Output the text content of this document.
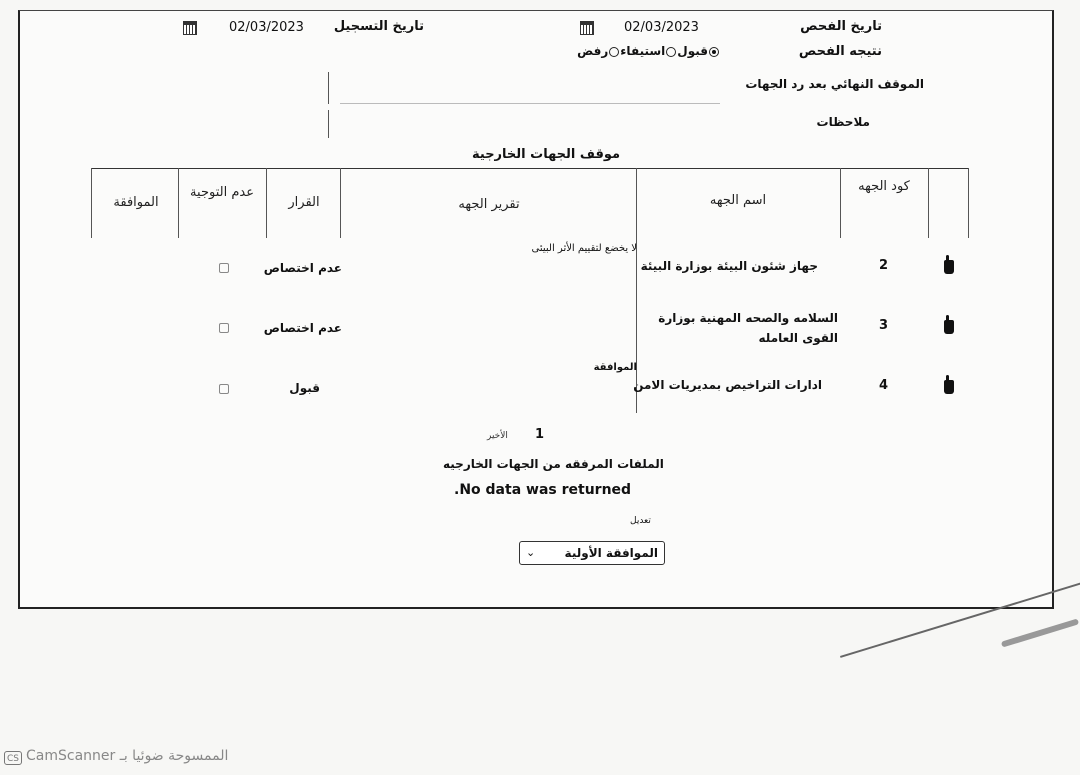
تاريخ الفحص
02/03/2023
تاريخ التسجيل
02/03/2023
نتيجه الفحص
قبولاستيفاءرفض
الموقف النهائي بعد رد الجهات
ملاحظات
موقف الجهات الخارجية
كود الجهه
اسم الجهه
تقرير الجهه
القرار
عدم التوجية
الموافقة
2
جهاز شئون البيئة بوزارة البيئة
لا يخضع لتقييم الأثر البيئى
عدم اختصاص
3
السلامه والصحه المهنية بوزارة القوى العامله
عدم اختصاص
4
ادارات التراخيص بمديريات الامن
الموافقة
قبول
1
الأخير
الملفات المرفقه من الجهات الخارجيه
No data was returned.
تعديل
⌄ الموافقة الأولية
CS الممسوحة ضوئيا بـ CamScanner
